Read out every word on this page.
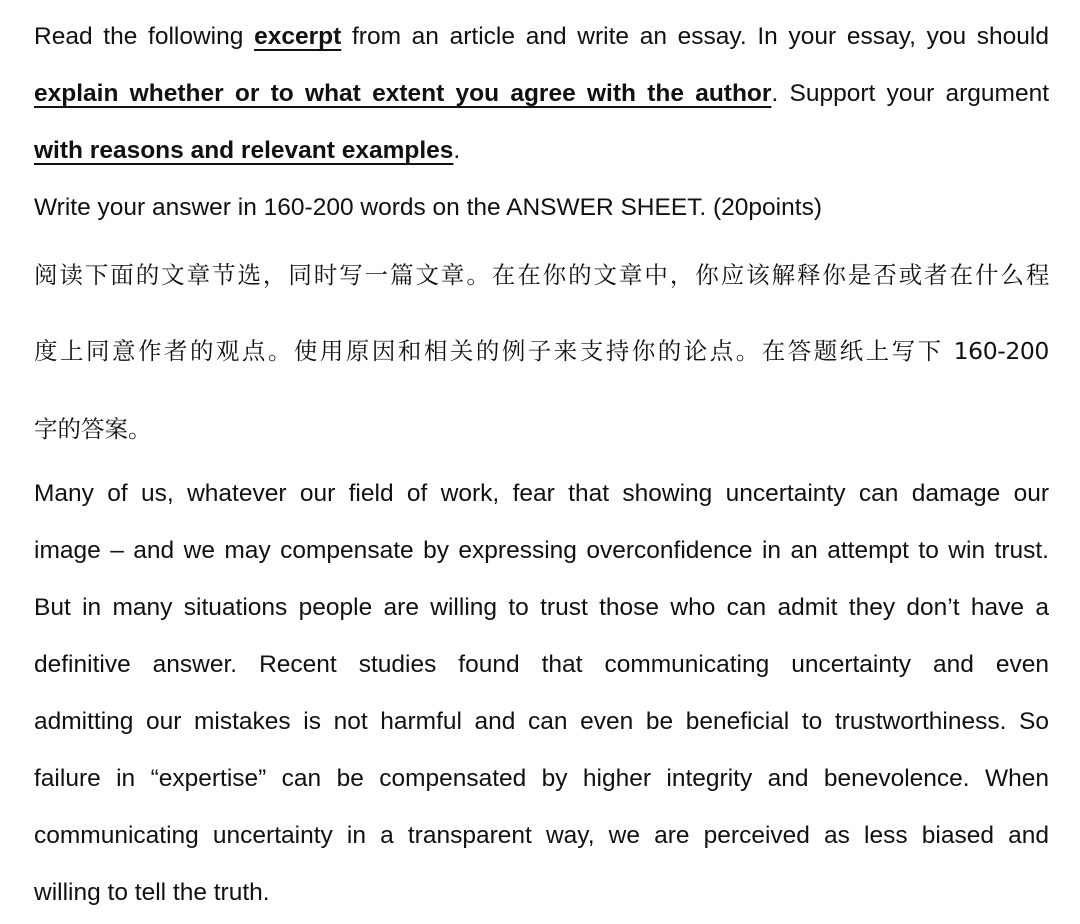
Read the following excerpt from an article and write an essay. In your essay, you should
explain whether or to what extent you agree with the author. Support your argument
with reasons and relevant examples.
Write your answer in 160-200 words on the ANSWER SHEET. (20points)
阅读下面的文章节选，同时写一篇文章。在在你的文章中，你应该解释你是否或者在什么程
度上同意作者的观点。使用原因和相关的例子来支持你的论点。在答题纸上写下 160-200
字的答案。
Many of us, whatever our field of work, fear that showing uncertainty can damage our
image – and we may compensate by expressing overconfidence in an attempt to win trust.
But in many situations people are willing to trust those who can admit they don’t have a
definitive answer. Recent studies found that communicating uncertainty and even
admitting our mistakes is not harmful and can even be beneficial to trustworthiness. So
failure in “expertise” can be compensated by higher integrity and benevolence. When
communicating uncertainty in a transparent way, we are perceived as less biased and
willing to tell the truth.
